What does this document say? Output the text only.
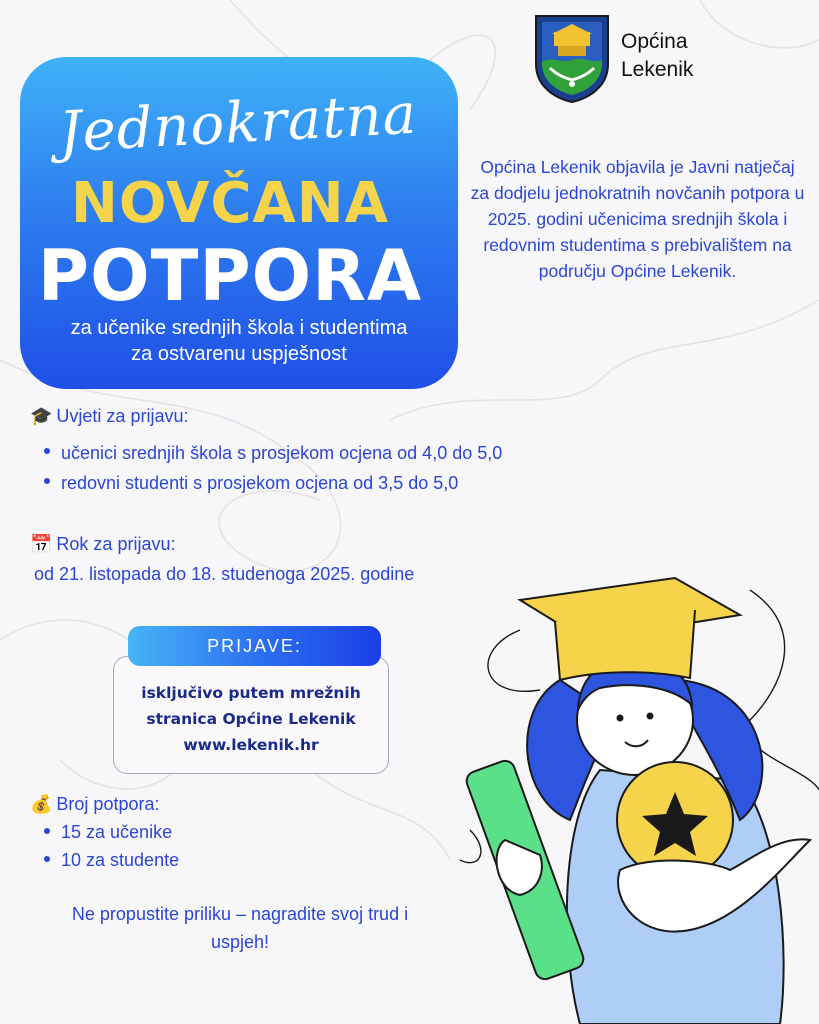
Općina
Lekenik
Jednokratna
NOVČANA
POTPORA
za učenike srednjih škola i studentima
za ostvarenu uspješnost
Općina Lekenik objavila je Javni natječaj za dodjelu jednokratnih novčanih potpora u 2025. godini učenicima srednjih škola i redovnim studentima s prebivalištem na području Općine Lekenik.
🎓 Uvjeti za prijavu:
učenici srednjih škola s prosjekom ocjena od 4,0 do 5,0
redovni studenti s prosjekom ocjena od 3,5 do 5,0
📅 Rok za prijavu:
od 21. listopada do 18. studenoga 2025. godine
PRIJAVE:
isključivo putem mrežnih
stranica Općine Lekenik
www.lekenik.hr
💰 Broj potpora:
15 za učenike
10 za studente
Ne propustite priliku – nagradite svoj trud i
uspjeh!
